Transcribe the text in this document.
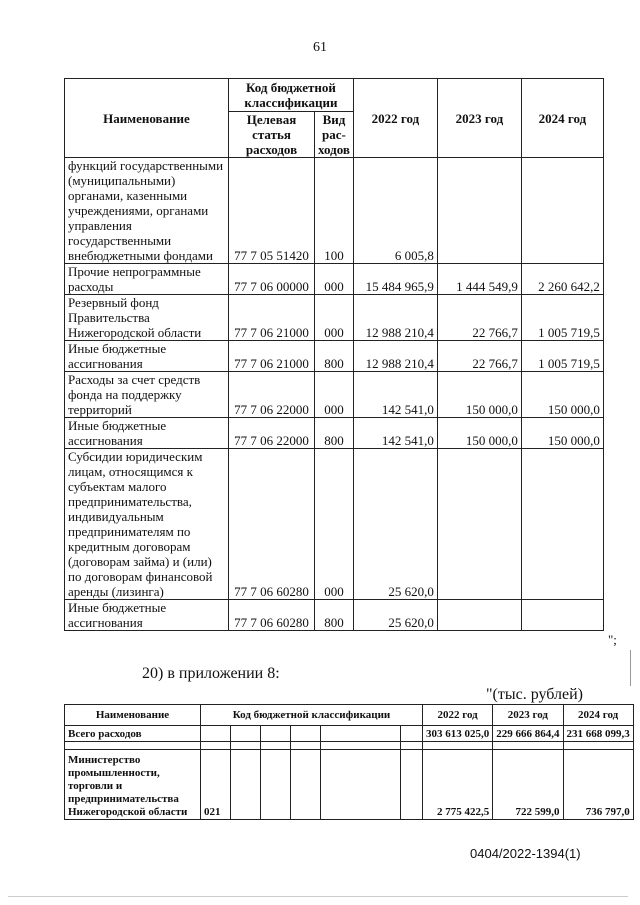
61
Наименование	Код бюджетной классификации		2022 год	2023 год	2024 год
	Целевая статья расходов	Вид рас-ходов			
функций государственными (муниципальными) органами, казенными учреждениями, органами управления государственными внебюджетными фондами	77 7 05 51420	100	6 005,8		
Прочие непрограммные расходы	77 7 06 00000	000	15 484 965,9	1 444 549,9	2 260 642,2
Резервный фонд Правительства Нижегородской области	77 7 06 21000	000	12 988 210,4	22 766,7	1 005 719,5
Иные бюджетные ассигнования	77 7 06 21000	800	12 988 210,4	22 766,7	1 005 719,5
Расходы за счет средств фонда на поддержку территорий	77 7 06 22000	000	142 541,0	150 000,0	150 000,0
Иные бюджетные ассигнования	77 7 06 22000	800	142 541,0	150 000,0	150 000,0
Субсидии юридическим лицам, относящимся к субъектам малого предпринимательства, индивидуальным предпринимателям по кредитным договорам (договорам займа) и (или) по договорам финансовой аренды (лизинга)	77 7 06 60280	000	25 620,0		
Иные бюджетные ассигнования	77 7 06 60280	800	25 620,0		
";
20) в приложении 8:
"(тыс. рублей)
Наименование	Код бюджетной классификации						2022 год	2023 год	2024 год
Всего расходов							303 613 025,0	229 666 864,4	231 668 099,3

Министерство промышленности, торговли и предпринимательства Нижегородской области	021						2 775 422,5	722 599,0	736 797,0
0404/2022-1394(1)
